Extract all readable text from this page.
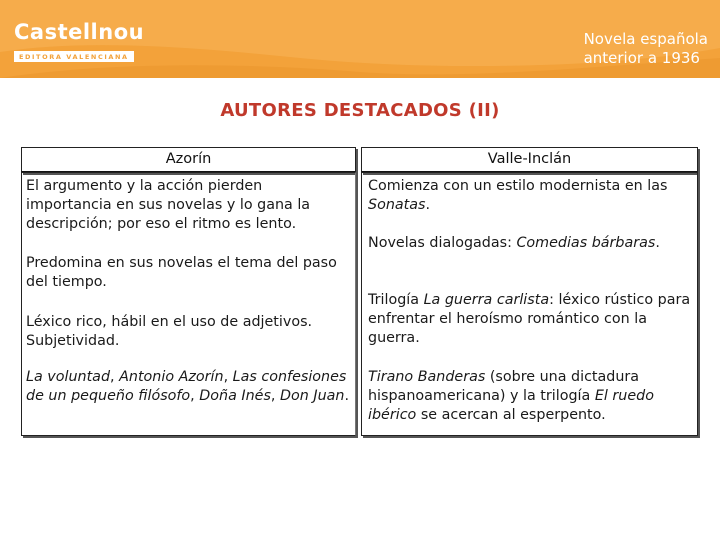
Castellnou
EDITORA VALENCIANA
Novela española
anterior a 1936
AUTORES DESTACADOS (II)
Azorín
El argumento y la acción pierden importancia en sus novelas y lo gana la descripción; por eso el ritmo es lento.
Predomina en sus novelas el tema del paso del tiempo.
Léxico rico, hábil en el uso de adjetivos. Subjetividad.
La voluntad, Antonio Azorín, Las confesiones de un pequeño filósofo, Doña Inés, Don Juan.
Valle-Inclán
Comienza con un estilo modernista en las Sonatas.
Novelas dialogadas: Comedias bárbaras.
Trilogía La guerra carlista: léxico rústico para enfrentar el heroísmo romántico con la guerra.
Tirano Banderas (sobre una dictadura hispanoamericana) y la trilogía El ruedo ibérico se acercan al esperpento.
